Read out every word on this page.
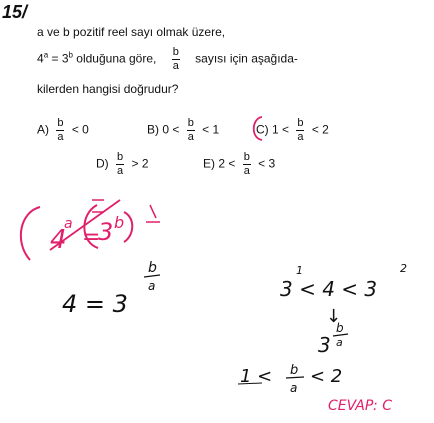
15/
a ve b pozitif reel sayı olmak üzere,
$4^a = 3^b$ olduğuna göre, $\frac{b}{a}$ sayısı için aşağıda-
kilerden hangisi doğrudur?
$A) \frac{b}{a} < 0$	B) $0 < \frac{b}{a} < 1$	C) $1 < \frac{b}{a} < 2$
$D) \frac{b}{a} > 2$	E) $2 < \frac{b}{a} < 3$
4
a
=
3 b
4 = 3
b
a	3 < 4 < 3
1	2
↓
3
b
a
1 < b
a
< 2
CEVAP: C
